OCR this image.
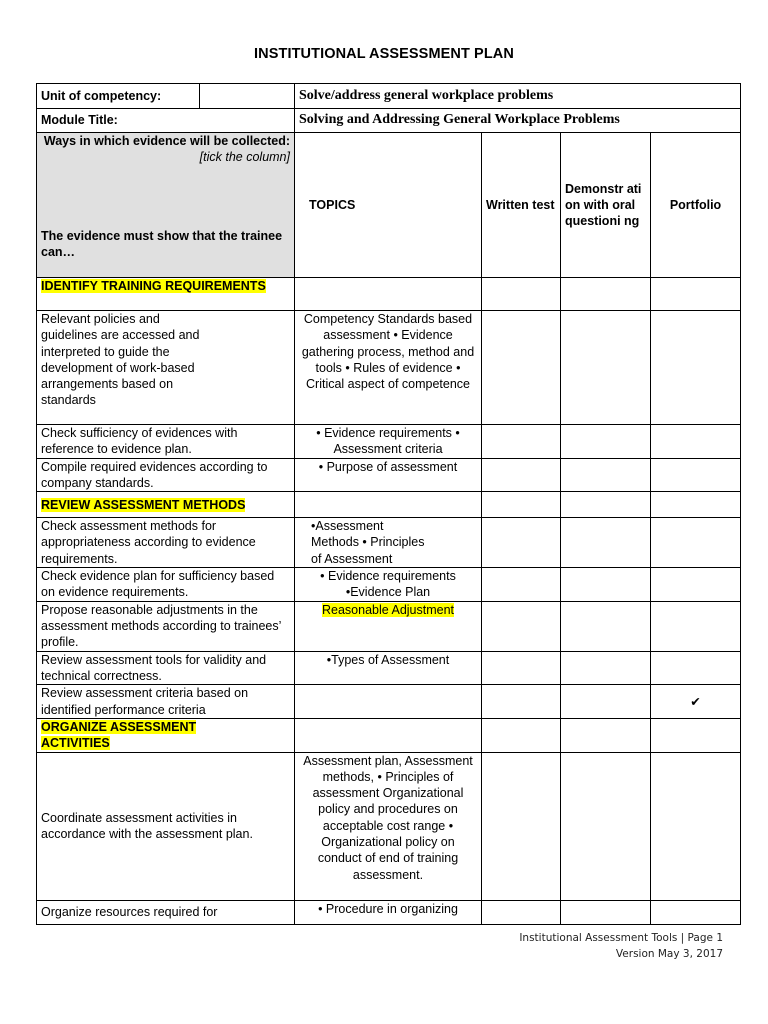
INSTITUTIONAL ASSESSMENT PLAN
Unit of competency:		Solve/address general workplace problems			
Module Title:		Solving and Addressing General Workplace Problems			

Ways in which evidence will be collected:
[tick the column]
The evidence must show that the trainee can…		TOPICS	Written test	Demonstr ation with oral questioni ng	Portfolio
IDENTIFY TRAINING REQUIREMENTS					

Relevant policies and guidelines are accessed and interpreted to guide the development of work-based arrangements based on standards		Competency Standards based assessment • Evidence gathering process, method and tools • Rules of evidence • Critical aspect of competence			
Check sufficiency of evidences with reference to evidence plan.		• Evidence requirements • Assessment criteria			
Compile required evidences according to company standards.		• Purpose of assessment			
REVIEW ASSESSMENT METHODS					
Check assessment methods for appropriateness according to evidence requirements.		•Assessment Methods • Principles of Assessment			

Check evidence plan for sufficiency based on evidence requirements.		• Evidence requirements •Evidence Plan			
Propose reasonable adjustments in the assessment methods according to trainees’ profile.		Reasonable Adjustment			
Review assessment tools for validity and technical correctness.		•Types of Assessment			
Review assessment criteria based on identified performance criteria					✔

ORGANIZE ASSESSMENT ACTIVITIES					

Coordinate assessment activities in accordance with the assessment plan.		Assessment plan, Assessment methods, • Principles of assessment Organizational policy and procedures on acceptable cost range • Organizational policy on conduct of end of training assessment.			
Organize resources required for		• Procedure in organizing			
Institutional Assessment Tools | Page 1
Version May 3, 2017
